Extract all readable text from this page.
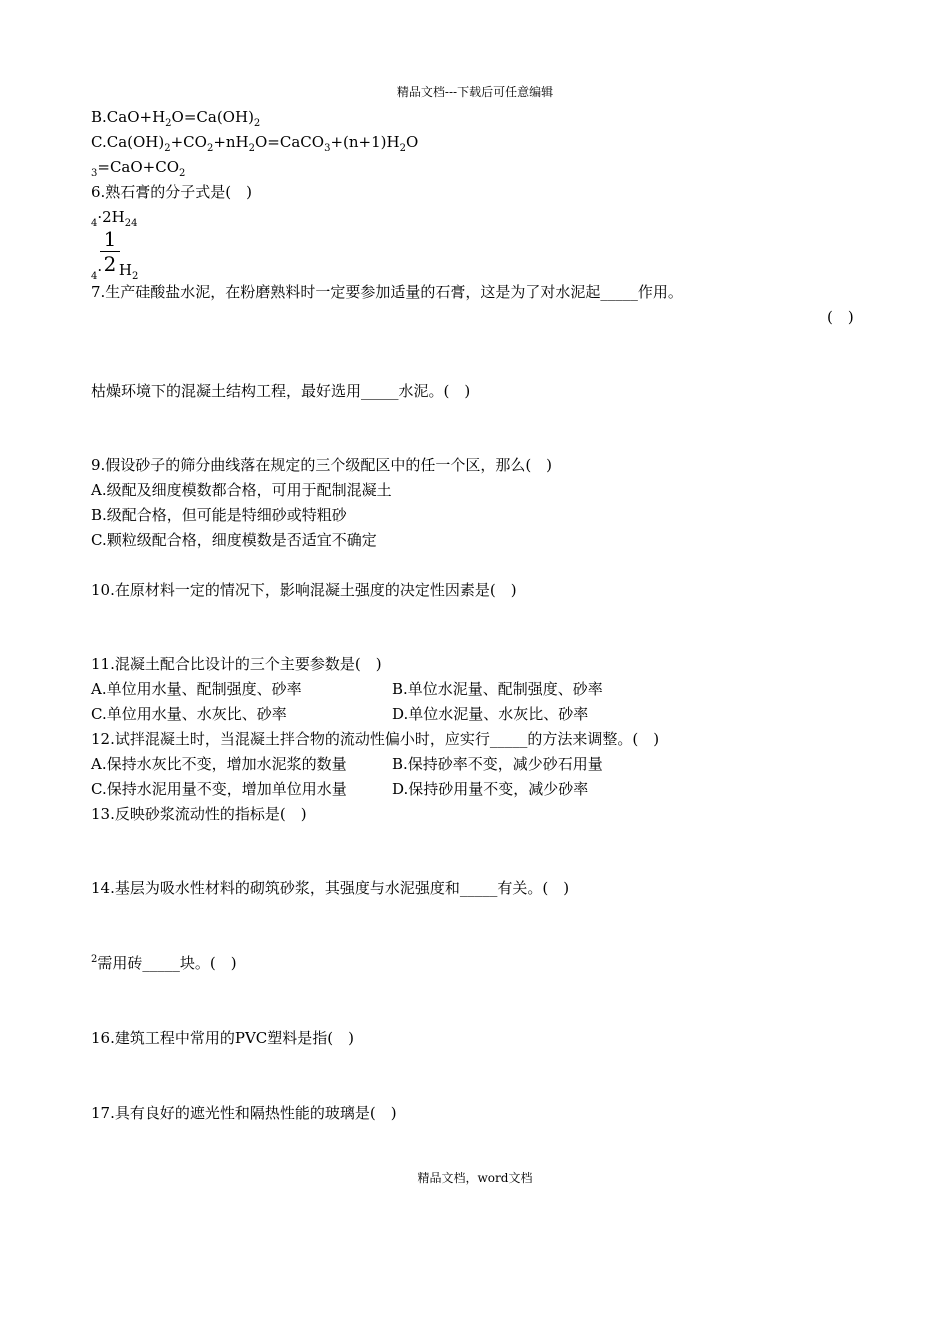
精品文档---下载后可任意编辑
$B.CaO+H_2O=Ca(OH)_2$
$C.Ca(OH)_2+CO_2+nH_2O=CaCO_3+(n+1)H_2O$
$_3=CaO+CO_2$
6.熟石膏的分子式是( )
$_4\cdot 2H_{24}$
$\frac{1}{2}$
$_4\cdot H_2$
7.生产硅酸盐水泥，在粉磨熟料时一定要参加适量的石膏，这是为了对水泥起_____作用。
( )
枯燥环境下的混凝土结构工程，最好选用_____水泥。( )
9.假设砂子的筛分曲线落在规定的三个级配区中的任一个区，那么( )
A.级配及细度模数都合格，可用于配制混凝土
B.级配合格，但可能是特细砂或特粗砂
C.颗粒级配合格，细度模数是否适宜不确定
10.在原材料一定的情况下，影响混凝土强度的决定性因素是( )
11.混凝土配合比设计的三个主要参数是( )
A.单位用水量、配制强度、砂率	B.单位水泥量、配制强度、砂率
C.单位用水量、水灰比、砂率	D.单位水泥量、水灰比、砂率
12.试拌混凝土时，当混凝土拌合物的流动性偏小时，应实行_____的方法来调整。( )
A.保持水灰比不变，增加水泥浆的数量	B.保持砂率不变，减少砂石用量
C.保持水泥用量不变，增加单位用水量	D.保持砂用量不变，减少砂率
13.反映砂浆流动性的指标是( )
14.基层为吸水性材料的砌筑砂浆，其强度与水泥强度和_____有关。( )
$^2$需用砖_____块。( )
16.建筑工程中常用的PVC塑料是指( )
17.具有良好的遮光性和隔热性能的玻璃是( )
精品文档，word文档
